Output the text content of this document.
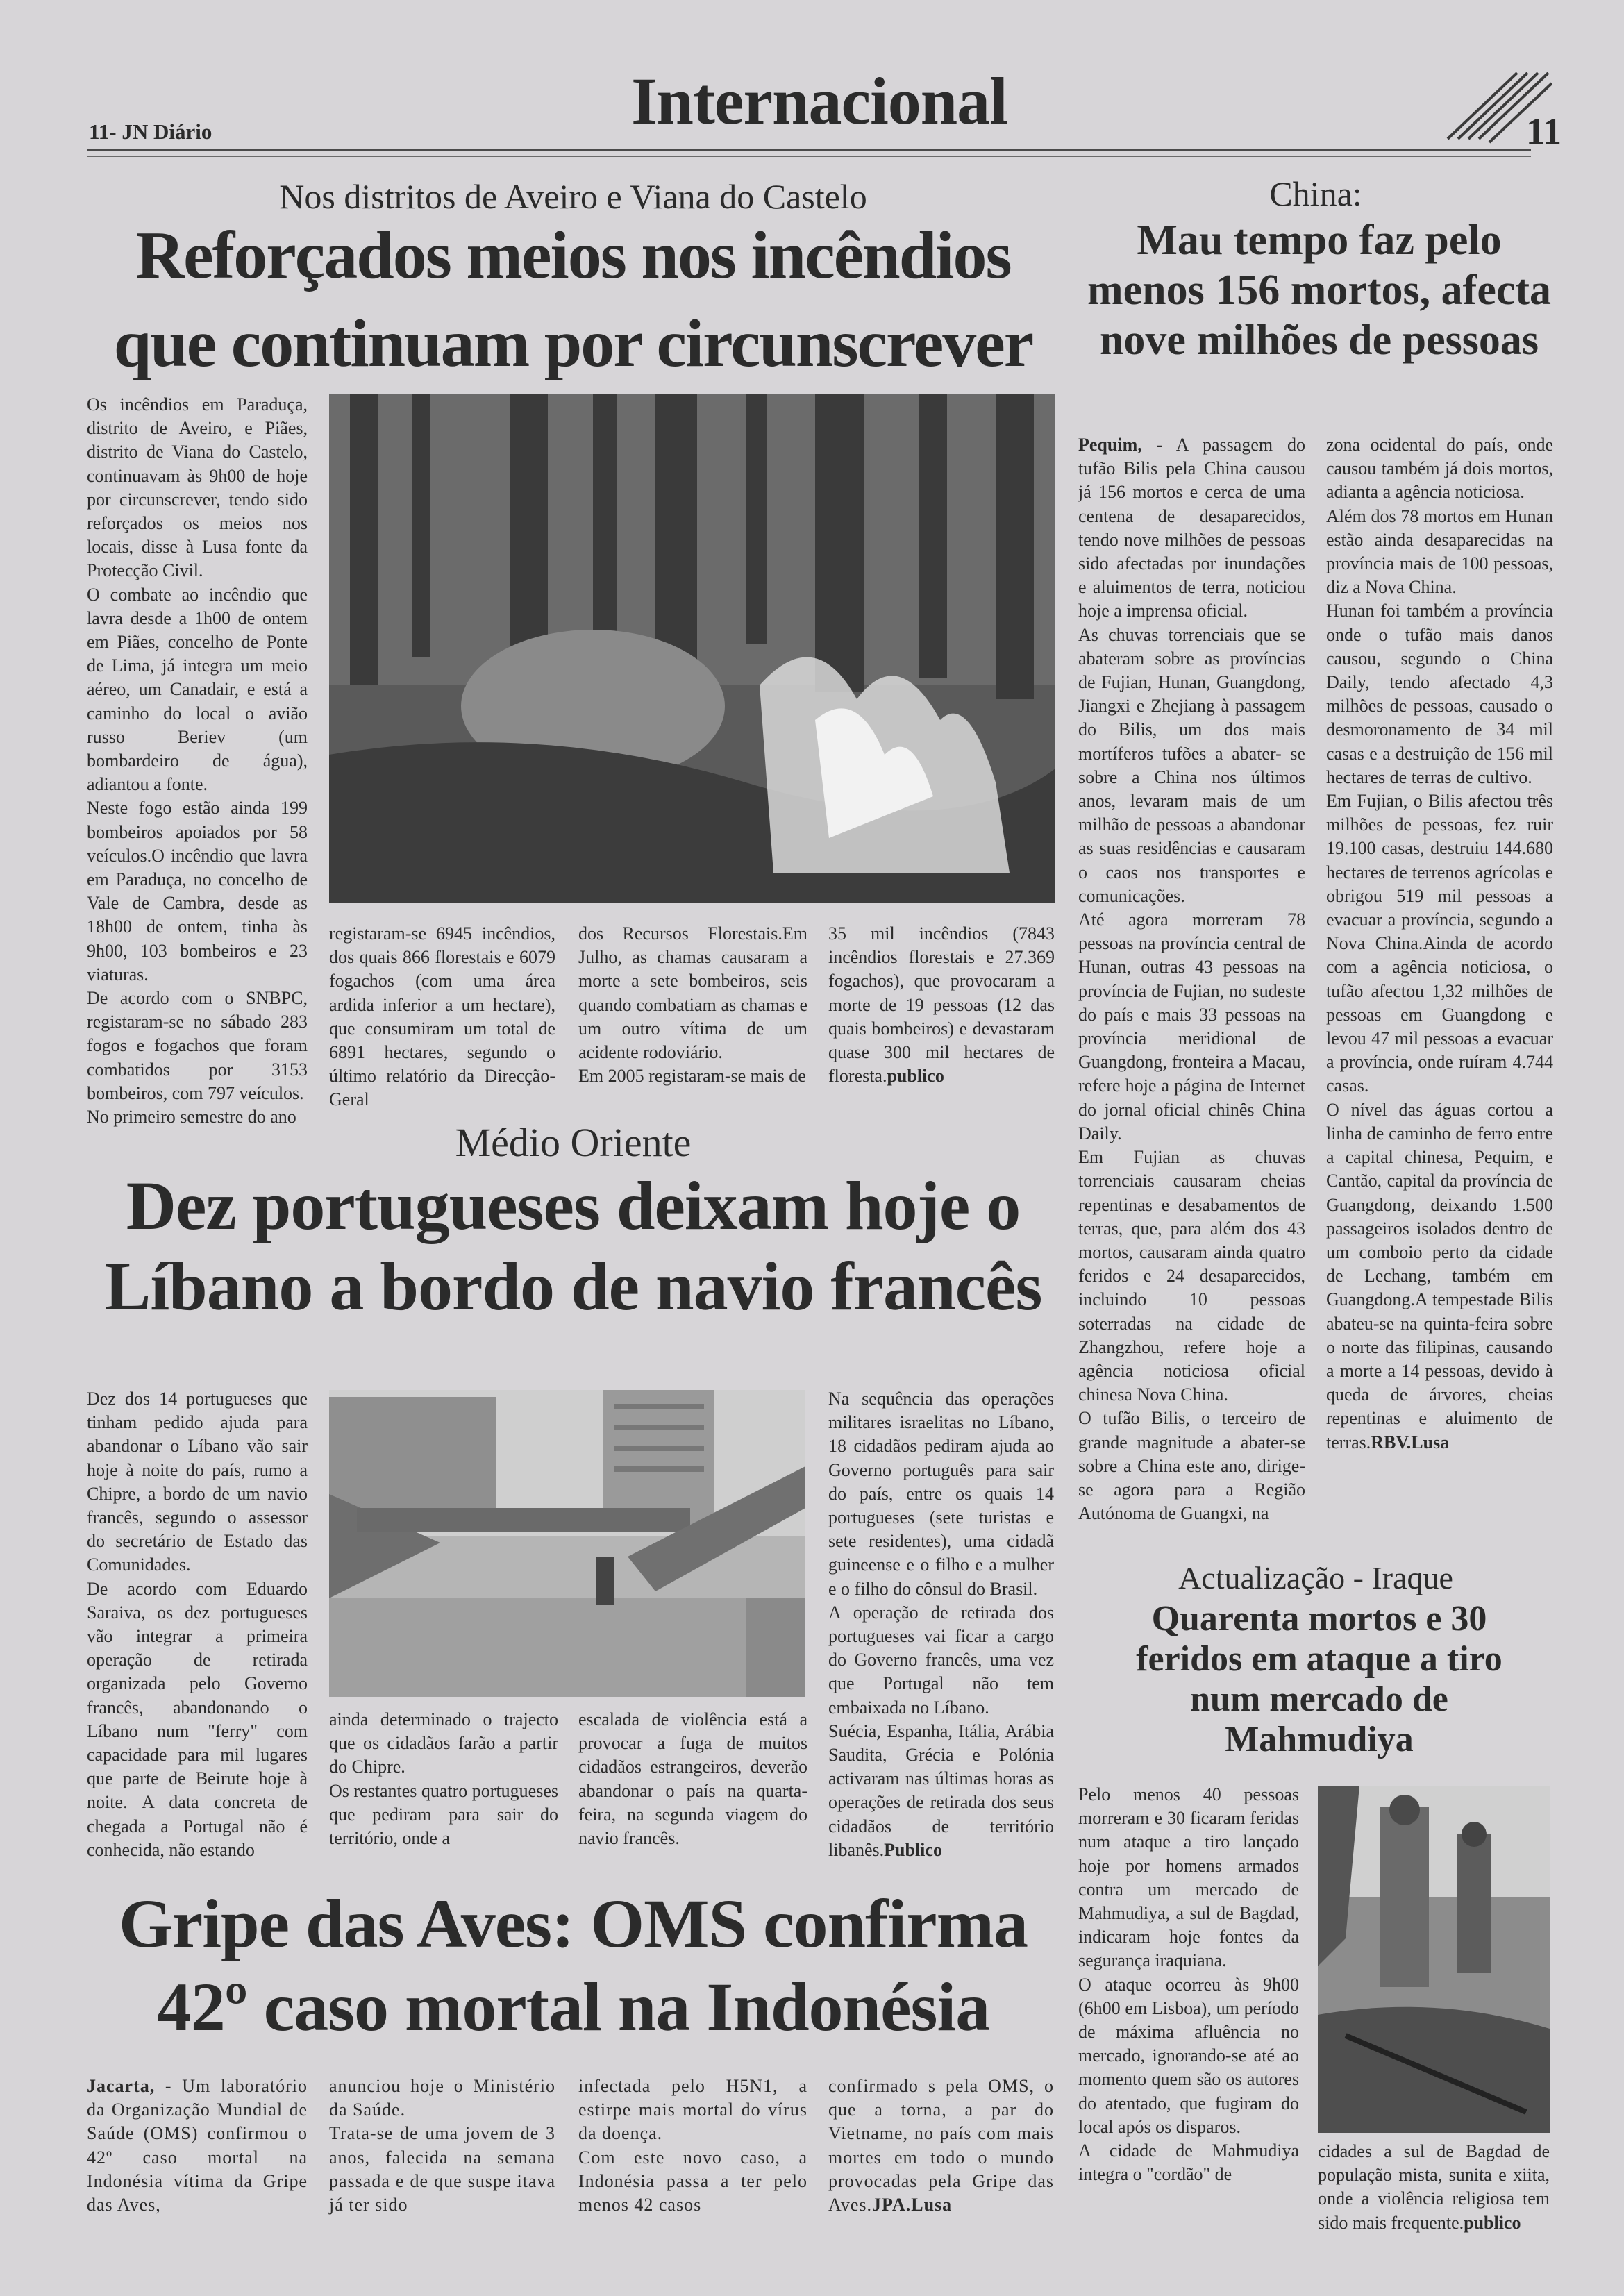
11- JN Diário	Internacional	11
Nos distritos de Aveiro e Viana do Castelo
Reforçados meios nos incêndios
que continuam por circunscrever
Os incêndios em Paraduça, distrito de Aveiro, e Piães, distrito de Viana do Castelo, continuavam às 9h00 de hoje por circunscrever, tendo sido reforçados os meios nos locais, disse à Lusa fonte da Protecção Civil.
O combate ao incêndio que lavra desde a 1h00 de ontem em Piães, concelho de Ponte de Lima, já integra um meio aéreo, um Canadair, e está a caminho do local o avião russo Beriev (um bombardeiro de água), adiantou a fonte.
Neste fogo estão ainda 199 bombeiros apoiados por 58 veículos.O incêndio que lavra em Paraduça, no concelho de Vale de Cambra, desde as 18h00 de ontem, tinha às 9h00, 103 bombeiros e 23 viaturas.
De acordo com o SNBPC, registaram-se no sábado 283 fogos e fogachos que foram combatidos por 3153 bombeiros, com 797 veículos.
No primeiro semestre do ano
registaram-se 6945 incêndios, dos quais 866 florestais e 6079 fogachos (com uma área ardida inferior a um hectare), que consumiram um total de 6891 hectares, segundo o último relatório da Direcção-Geral
dos Recursos Florestais.Em Julho, as chamas causaram a morte a sete bombeiros, seis quando combatiam as chamas e um outro vítima de um acidente rodoviário.
Em 2005 registaram-se mais de
35 mil incêndios (7843 incêndios florestais e 27.369 fogachos), que provocaram a morte de 19 pessoas (12 das quais bombeiros) e devastaram quase 300 mil hectares de floresta.publico
Médio Oriente
Dez portugueses deixam hoje o
Líbano a bordo de navio francês
Dez dos 14 portugueses que tinham pedido ajuda para abandonar o Líbano vão sair hoje à noite do país, rumo a Chipre, a bordo de um navio francês, segundo o assessor do secretário de Estado das Comunidades.
De acordo com Eduardo Saraiva, os dez portugueses vão integrar a primeira operação de retirada organizada pelo Governo francês, abandonando o Líbano num "ferry" com capacidade para mil lugares que parte de Beirute hoje à noite. A data concreta de chegada a Portugal não é conhecida, não estando
ainda determinado o trajecto que os cidadãos farão a partir do Chipre.
Os restantes quatro portugueses que pediram para sair do território, onde a
escalada de violência está a provocar a fuga de muitos cidadãos estrangeiros, deverão abandonar o país na quarta-feira, na segunda viagem do navio francês.
Na sequência das operações militares israelitas no Líbano, 18 cidadãos pediram ajuda ao Governo português para sair do país, entre os quais 14 portugueses (sete turistas e sete residentes), uma cidadã guineense e o filho e a mulher e o filho do cônsul do Brasil.
A operação de retirada dos portugueses vai ficar a cargo do Governo francês, uma vez que Portugal não tem embaixada no Líbano.
Suécia, Espanha, Itália, Arábia Saudita, Grécia e Polónia activaram nas últimas horas as operações de retirada dos seus cidadãos de território libanês.Publico
Gripe das Aves: OMS confirma
42º caso mortal na Indonésia
Jacarta, - Um laboratório da Organização Mundial de Saúde (OMS) confirmou o 42º caso mortal na Indonésia vítima da Gripe das Aves,
anunciou hoje o Ministério da Saúde.
Trata-se de uma jovem de 3 anos, falecida na semana passada e de que suspe itava já ter sido
infectada pelo H5N1, a estirpe mais mortal do vírus da doença.
Com este novo caso, a Indonésia passa a ter pelo menos 42 casos
confirmado s pela OMS, o que a torna, a par do Vietname, no país com mais mortes em todo o mundo provocadas pela Gripe das Aves.JPA.Lusa
China:
Mau tempo faz pelo menos 156 mortos, afecta nove milhões de pessoas
Pequim, - A passagem do tufão Bilis pela China causou já 156 mortos e cerca de uma centena de desaparecidos, tendo nove milhões de pessoas sido afectadas por inundações e aluimentos de terra, noticiou hoje a imprensa oficial.
As chuvas torrenciais que se abateram sobre as províncias de Fujian, Hunan, Guangdong, Jiangxi e Zhejiang à passagem do Bilis, um dos mais mortíferos tufões a abater- se sobre a China nos últimos anos, levaram mais de um milhão de pessoas a abandonar as suas residências e causaram o caos nos transportes e comunicações.
Até agora morreram 78 pessoas na província central de Hunan, outras 43 pessoas na província de Fujian, no sudeste do país e mais 33 pessoas na província meridional de Guangdong, fronteira a Macau, refere hoje a página de Internet do jornal oficial chinês China Daily.
Em Fujian as chuvas torrenciais causaram cheias repentinas e desabamentos de terras, que, para além dos 43 mortos, causaram ainda quatro feridos e 24 desaparecidos, incluindo 10 pessoas soterradas na cidade de Zhangzhou, refere hoje a agência noticiosa oficial chinesa Nova China.
O tufão Bilis, o terceiro de grande magnitude a abater-se sobre a China este ano, dirige-se agora para a Região Autónoma de Guangxi, na
zona ocidental do país, onde causou também já dois mortos, adianta a agência noticiosa.
Além dos 78 mortos em Hunan estão ainda desaparecidas na província mais de 100 pessoas, diz a Nova China.
Hunan foi também a província onde o tufão mais danos causou, segundo o China Daily, tendo afectado 4,3 milhões de pessoas, causado o desmoronamento de 34 mil casas e a destruição de 156 mil hectares de terras de cultivo.
Em Fujian, o Bilis afectou três milhões de pessoas, fez ruir 19.100 casas, destruiu 144.680 hectares de terrenos agrícolas e obrigou 519 mil pessoas a evacuar a província, segundo a Nova China.Ainda de acordo com a agência noticiosa, o tufão afectou 1,32 milhões de pessoas em Guangdong e levou 47 mil pessoas a evacuar a província, onde ruíram 4.744 casas.
O nível das águas cortou a linha de caminho de ferro entre a capital chinesa, Pequim, e Cantão, capital da província de Guangdong, deixando 1.500 passageiros isolados dentro de um comboio perto da cidade de Lechang, também em Guangdong.A tempestade Bilis abateu-se na quinta-feira sobre o norte das filipinas, causando a morte a 14 pessoas, devido à queda de árvores, cheias repentinas e aluimento de terras.RBV.Lusa
Actualização - Iraque
Quarenta mortos e 30 feridos em ataque a tiro num mercado de Mahmudiya
Pelo menos 40 pessoas morreram e 30 ficaram feridas num ataque a tiro lançado hoje por homens armados contra um mercado de Mahmudiya, a sul de Bagdad, indicaram hoje fontes da segurança iraquiana.
O ataque ocorreu às 9h00 (6h00 em Lisboa), um período de máxima afluência no mercado, ignorando-se até ao momento quem são os autores do atentado, que fugiram do local após os disparos.
A cidade de Mahmudiya integra o "cordão" de
cidades a sul de Bagdad de população mista, sunita e xiita, onde a violência religiosa tem sido mais frequente.publico
